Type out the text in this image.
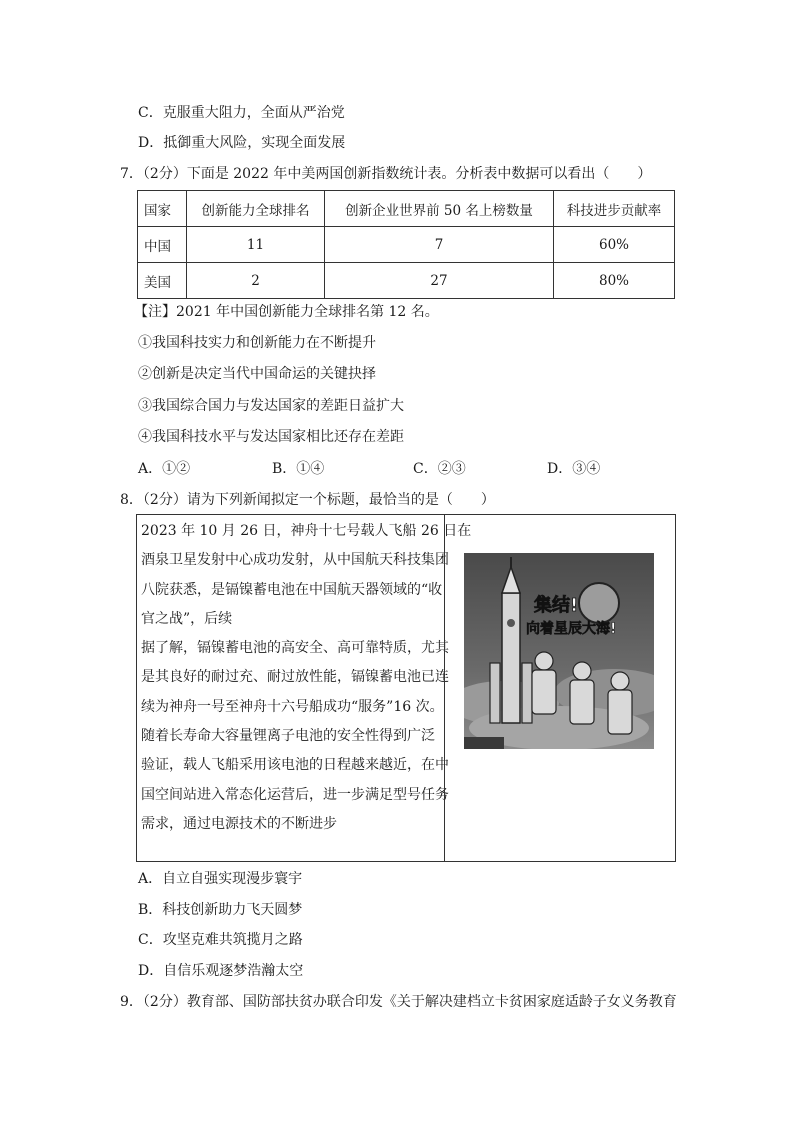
C．克服重大阻力，全面从严治党
D．抵御重大风险，实现全面发展
7．（2分）下面是 2022 年中美两国创新指数统计表。分析表中数据可以看出（　　）
国家	创新能力全球排名	创新企业世界前 50 名上榜数量	科技进步贡献率
中国	11	7	60%
美国	2	27	80%
【注】2021 年中国创新能力全球排名第 12 名。
①我国科技实力和创新能力在不断提升
②创新是决定当代中国命运的关键抉择
③我国综合国力与发达国家的差距日益扩大
④我国科技水平与发达国家相比还存在差距
A．①②	B．①④	C．②③	D．③④
8．（2分）请为下列新闻拟定一个标题，最恰当的是（　　）
2023 年 10 月 26 日，神舟十七号载人飞船 26 日在
酒泉卫星发射中心成功发射，从中国航天科技集团
八院获悉，是镉镍蓄电池在中国航天器领域的“收
官之战”，后续
据了解，镉镍蓄电池的高安全、高可靠特质，尤其
是其良好的耐过充、耐过放性能，镉镍蓄电池已连
续为神舟一号至神舟十六号船成功“服务”16 次。
随着长寿命大容量锂离子电池的安全性得到广泛
验证，载人飞船采用该电池的日程越来越近，在中
国空间站进入常态化运营后，进一步满足型号任务
需求，通过电源技术的不断进步
集结!
向着星辰大海!
A．自立自强实现漫步寰宇
B．科技创新助力飞天圆梦
C．攻坚克难共筑揽月之路
D．自信乐观逐梦浩瀚太空
9．（2分）教育部、国防部扶贫办联合印发《关于解决建档立卡贫困家庭适龄子女义务教育
